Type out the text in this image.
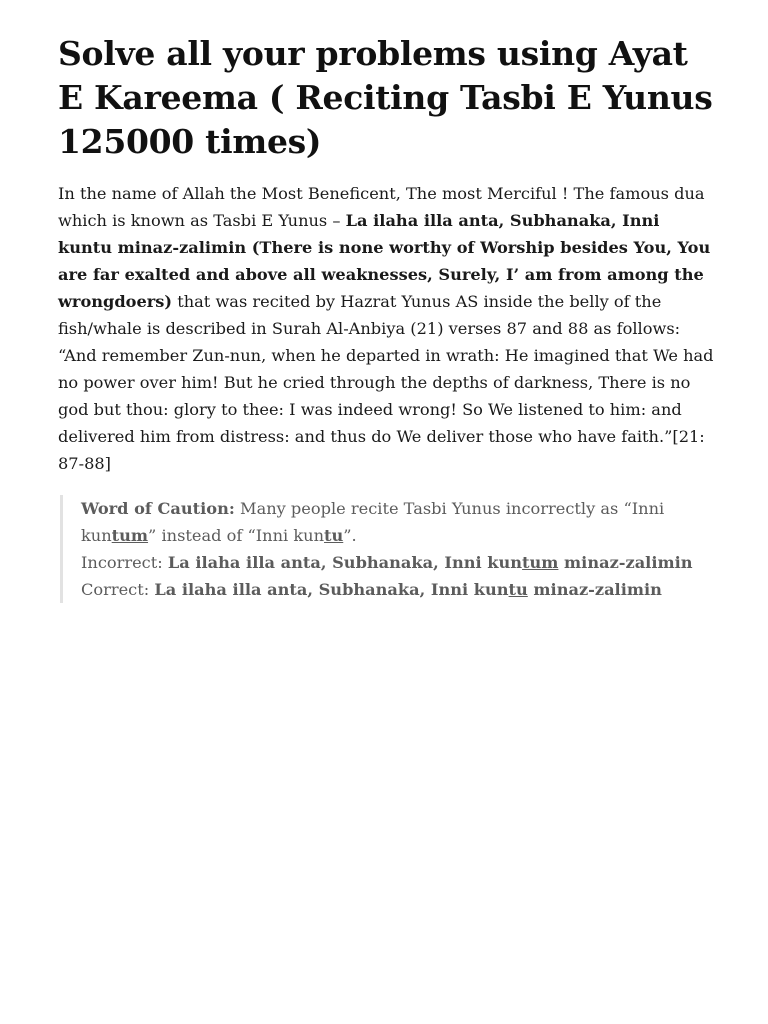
Solve all your problems using Ayat E Kareema ( Reciting Tasbi E Yunus 125000 times)

In the name of Allah the Most Beneficent, The most Merciful ! The famous dua which is known as Tasbi E Yunus – La ilaha illa anta, Subhanaka, Inni kuntu minaz-zalimin (There is none worthy of Worship besides You, You are far exalted and above all weaknesses, Surely, I’ am from among the wrongdoers) that was recited by Hazrat Yunus AS inside the belly of the fish/whale is described in Surah Al-Anbiya (21) verses 87 and 88 as follows: “And remember Zun-nun, when he departed in wrath: He imagined that We had no power over him! But he cried through the depths of darkness, There is no god but thou: glory to thee: I was indeed wrong! So We listened to him: and delivered him from distress: and thus do We deliver those who have faith.”[21: 87-88]

Word of Caution: Many people recite Tasbi Yunus incorrectly as “Inni kuntum” instead of “Inni kuntu”.
Incorrect: La ilaha illa anta, Subhanaka, Inni kuntum minaz-zalimin
Correct: La ilaha illa anta, Subhanaka, Inni kuntu minaz-zalimin
